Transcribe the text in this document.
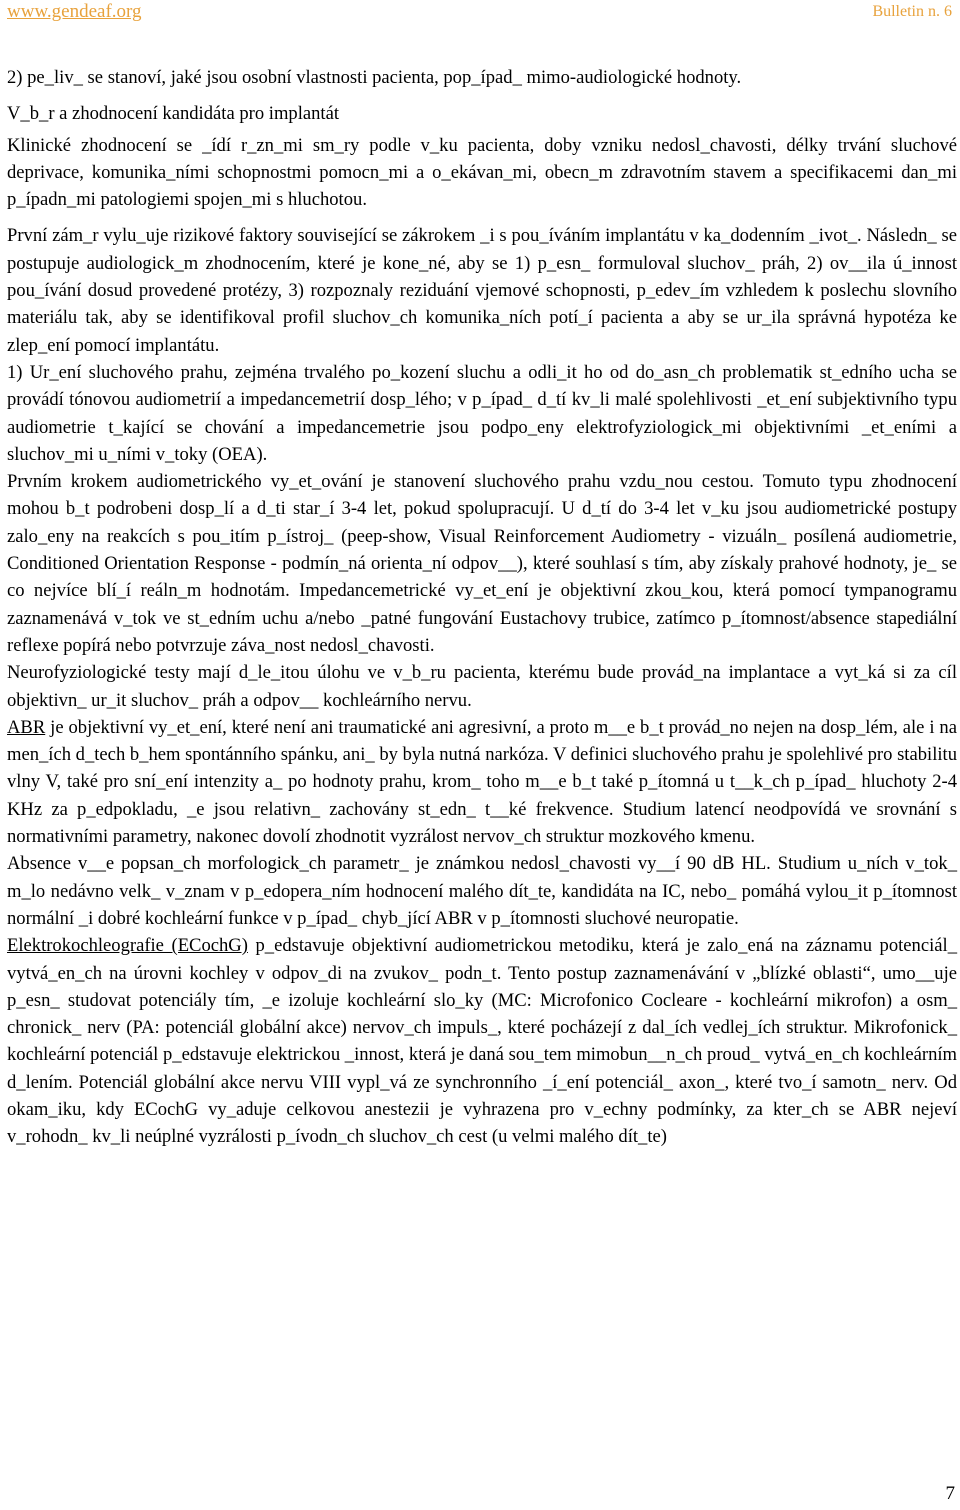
www.gendeaf.org	Bulletin n. 6

2) pe_liv_ se stanoví, jaké jsou osobní vlastnosti pacienta, pop_ípad_ mimo-audiologické hodnoty.

V_b_r a zhodnocení kandidáta pro implantát

Klinické zhodnocení se _ídí r_zn_mi sm_ry podle v_ku pacienta, doby vzniku nedosl_chavosti, délky trvání sluchové deprivace, komunika_ními schopnostmi pomocn_mi a o_ekávan_mi, obecn_m zdravotním stavem a specifikacemi dan_mi p_ípadn_mi patologiemi spojen_mi s hluchotou.

První zám_r vylu_uje rizikové faktory související se zákrokem _i s pou_íváním implantátu v ka_dodenním _ivot_. Následn_ se postupuje audiologick_m zhodnocením, které je kone_né, aby se 1) p_esn_ formuloval sluchov_ práh, 2) ov__ila ú_innost pou_ívání dosud provedené protézy, 3) rozpoznaly reziduání vjemové schopnosti, p_edev_ím vzhledem k poslechu slovního materiálu tak, aby se identifikoval profil sluchov_ch komunika_ních potí_í pacienta a aby se ur_ila správná hypotéza ke zlep_ení pomocí implantátu.

1) Ur_ení sluchového prahu, zejména trvalého po_kození sluchu a odli_it ho od do_asn_ch problematik st_edního ucha se provádí tónovou audiometrií a impedancemetrií dosp_lého; v p_ípad_ d_tí kv_li malé spolehlivosti _et_ení subjektivního typu audiometrie t_kající se chování a impedancemetrie jsou podpo_eny elektrofyziologick_mi objektivními _et_eními a sluchov_mi u_ními v_toky (OEA).

Prvním krokem audiometrického vy_et_ování je stanovení sluchového prahu vzdu_nou cestou. Tomuto typu zhodnocení mohou b_t podrobeni dosp_lí a d_ti star_í 3-4 let, pokud spolupracují. U d_tí do 3-4 let v_ku jsou audiometrické postupy zalo_eny na reakcích s pou_itím p_ístroj_ (peep-show, Visual Reinforcement Audiometry - vizuáln_ posílená audiometrie, Conditioned Orientation Response - podmín_ná orienta_ní odpov__), které souhlasí s tím, aby získaly prahové hodnoty, je_ se co nejvíce blí_í reáln_m hodnotám. Impedancemetrické vy_et_ení je objektivní zkou_kou, která pomocí tympanogramu zaznamenává v_tok ve st_edním uchu a/nebo _patné fungování Eustachovy trubice, zatímco p_ítomnost/absence stapediální reflexe popírá nebo potvrzuje záva_nost nedosl_chavosti.

Neurofyziologické testy mají d_le_itou úlohu ve v_b_ru pacienta, kterému bude provád_na implantace a vyt_ká si za cíl objektivn_ ur_it sluchov_ práh a odpov__ kochleárního nervu.

ABR je objektivní vy_et_ení, které není ani traumatické ani agresivní, a proto m__e b_t provád_no nejen na dosp_lém, ale i na men_ích d_tech b_hem spontánního spánku, ani_ by byla nutná narkóza. V definici sluchového prahu je spolehlivé pro stabilitu vlny V, také pro sní_ení intenzity a_ po hodnoty prahu, krom_ toho m__e b_t také p_ítomná u t__k_ch p_ípad_ hluchoty 2-4 KHz za p_edpokladu, _e jsou relativn_ zachovány st_edn_ t__ké frekvence. Studium latencí neodpovídá ve srovnání s normativními parametry, nakonec dovolí zhodnotit vyzrálost nervov_ch struktur mozkového kmenu.

Absence v__e popsan_ch morfologick_ch parametr_ je známkou nedosl_chavosti vy__í 90 dB HL. Studium u_ních v_tok_ m_lo nedávno velk_ v_znam v p_edopera_ním hodnocení malého dít_te, kandidáta na IC, nebo_ pomáhá vylou_it p_ítomnost normální _i dobré kochleární funkce v p_ípad_ chyb_jící ABR v p_ítomnosti sluchové neuropatie.

Elektrokochleografie (ECochG) p_edstavuje objektivní audiometrickou metodiku, která je zalo_ená na záznamu potenciál_ vytvá_en_ch na úrovni kochley v odpov_di na zvukov_ podn_t. Tento postup zaznamenávání v „blízké oblasti“, umo__uje p_esn_ studovat potenciály tím, _e izoluje kochleární slo_ky (MC: Microfonico Cocleare - kochleární mikrofon) a osm_ chronick_ nerv (PA: potenciál globální akce) nervov_ch impuls_, které pocházejí z dal_ích vedlej_ích struktur. Mikrofonick_ kochleární potenciál p_edstavuje elektrickou _innost, která je daná sou_tem mimobun__n_ch proud_ vytvá_en_ch kochleárním d_lením. Potenciál globální akce nervu VIII vypl_vá ze synchronního _í_ení potenciál_ axon_, které tvo_í samotn_ nerv. Od okam_iku, kdy ECochG vy_aduje celkovou anestezii je vyhrazena pro v_echny podmínky, za kter_ch se ABR nejeví v_rohodn_ kv_li neúplné vyzrálosti p_ívodn_ch sluchov_ch cest (u velmi malého dít_te)

7
